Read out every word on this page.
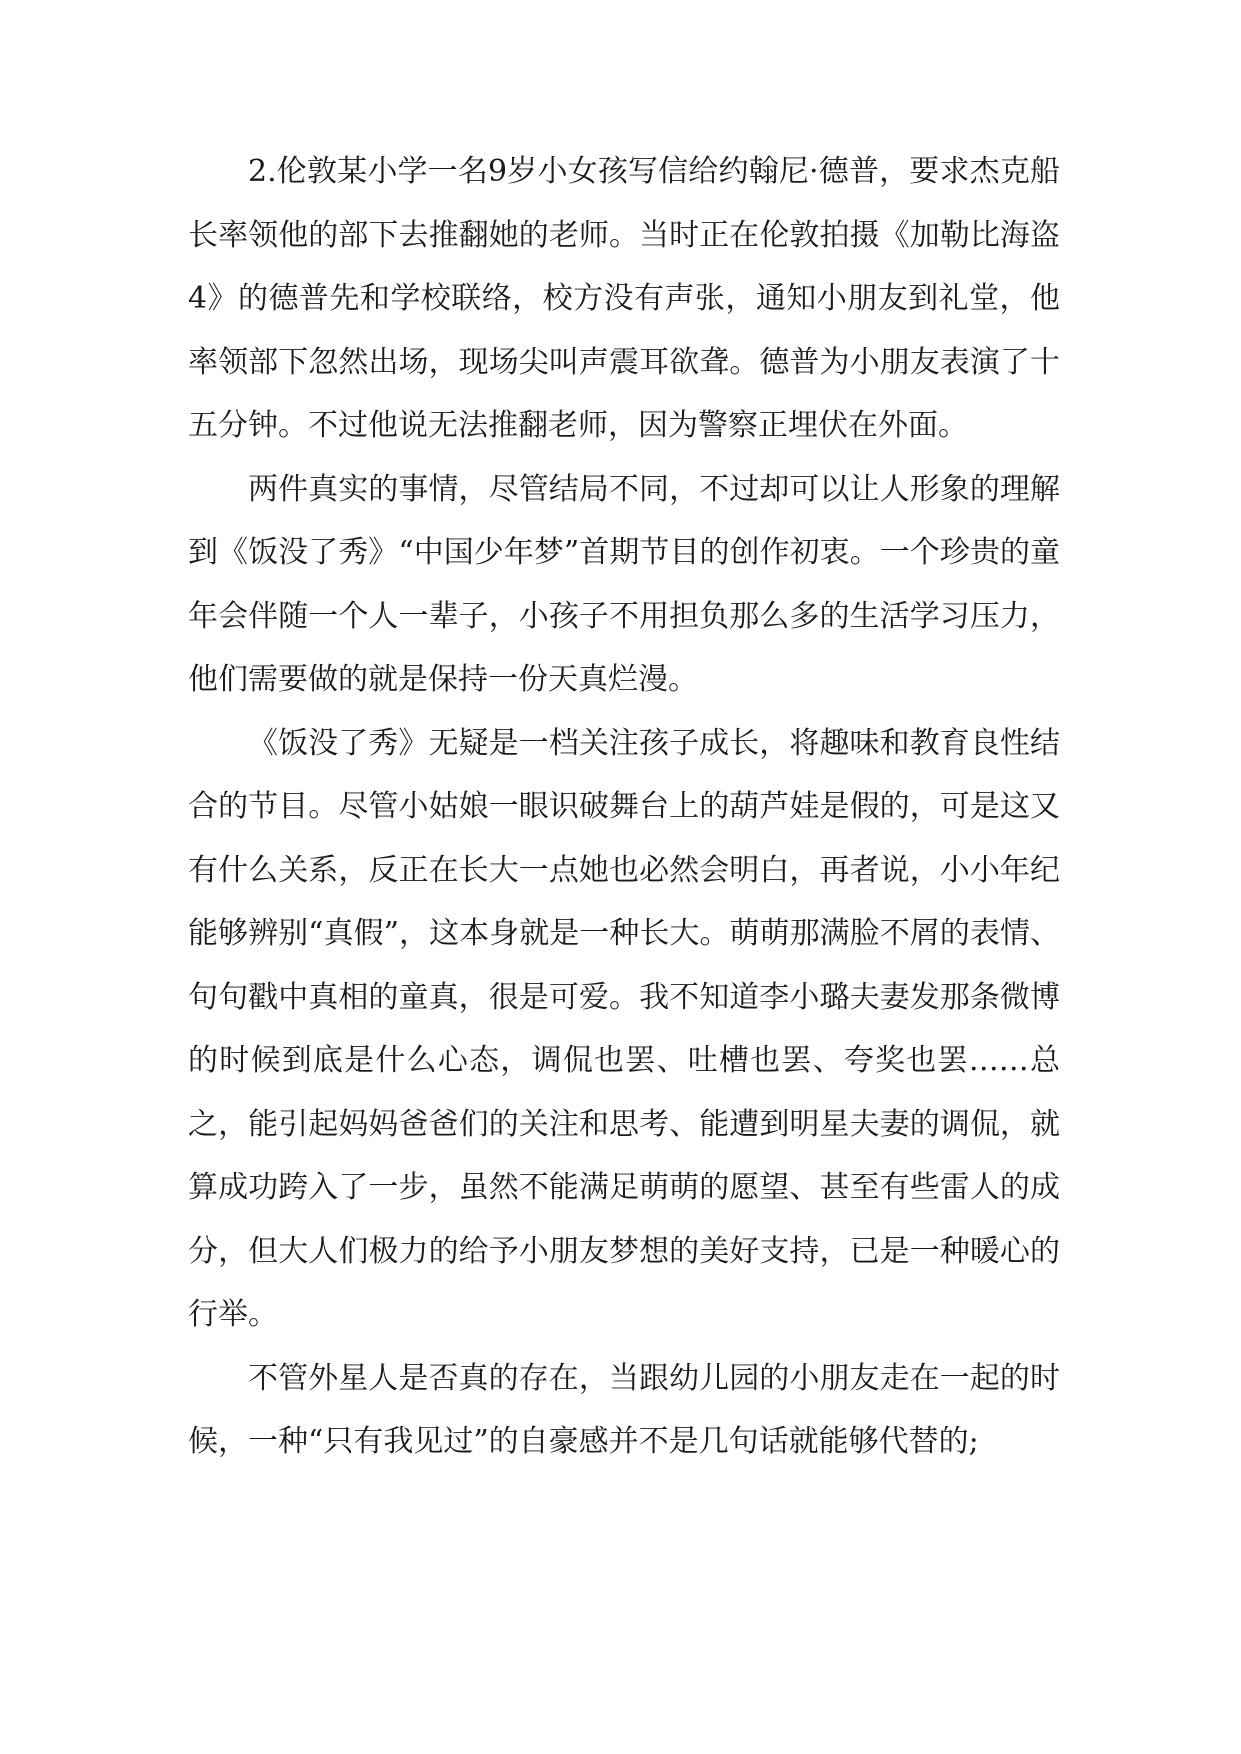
2.伦敦某小学一名9岁小女孩写信给约翰尼·德普，要求杰克船长率领他的部下去推翻她的老师。当时正在伦敦拍摄《加勒比海盗4》的德普先和学校联络，校方没有声张，通知小朋友到礼堂，他率领部下忽然出场，现场尖叫声震耳欲聋。德普为小朋友表演了十五分钟。不过他说无法推翻老师，因为警察正埋伏在外面。

两件真实的事情，尽管结局不同，不过却可以让人形象的理解到《饭没了秀》“中国少年梦”首期节目的创作初衷。一个珍贵的童年会伴随一个人一辈子，小孩子不用担负那么多的生活学习压力，他们需要做的就是保持一份天真烂漫。

《饭没了秀》无疑是一档关注孩子成长，将趣味和教育良性结合的节目。尽管小姑娘一眼识破舞台上的葫芦娃是假的，可是这又有什么关系，反正在长大一点她也必然会明白，再者说，小小年纪能够辨别“真假”，这本身就是一种长大。萌萌那满脸不屑的表情、句句戳中真相的童真，很是可爱。我不知道李小璐夫妻发那条微博的时候到底是什么心态，调侃也罢、吐槽也罢、夸奖也罢……总之，能引起妈妈爸爸们的关注和思考、能遭到明星夫妻的调侃，就算成功跨入了一步，虽然不能满足萌萌的愿望、甚至有些雷人的成分，但大人们极力的给予小朋友梦想的美好支持，已是一种暖心的行举。

不管外星人是否真的存在，当跟幼儿园的小朋友走在一起的时候，一种“只有我见过”的自豪感并不是几句话就能够代替的;
